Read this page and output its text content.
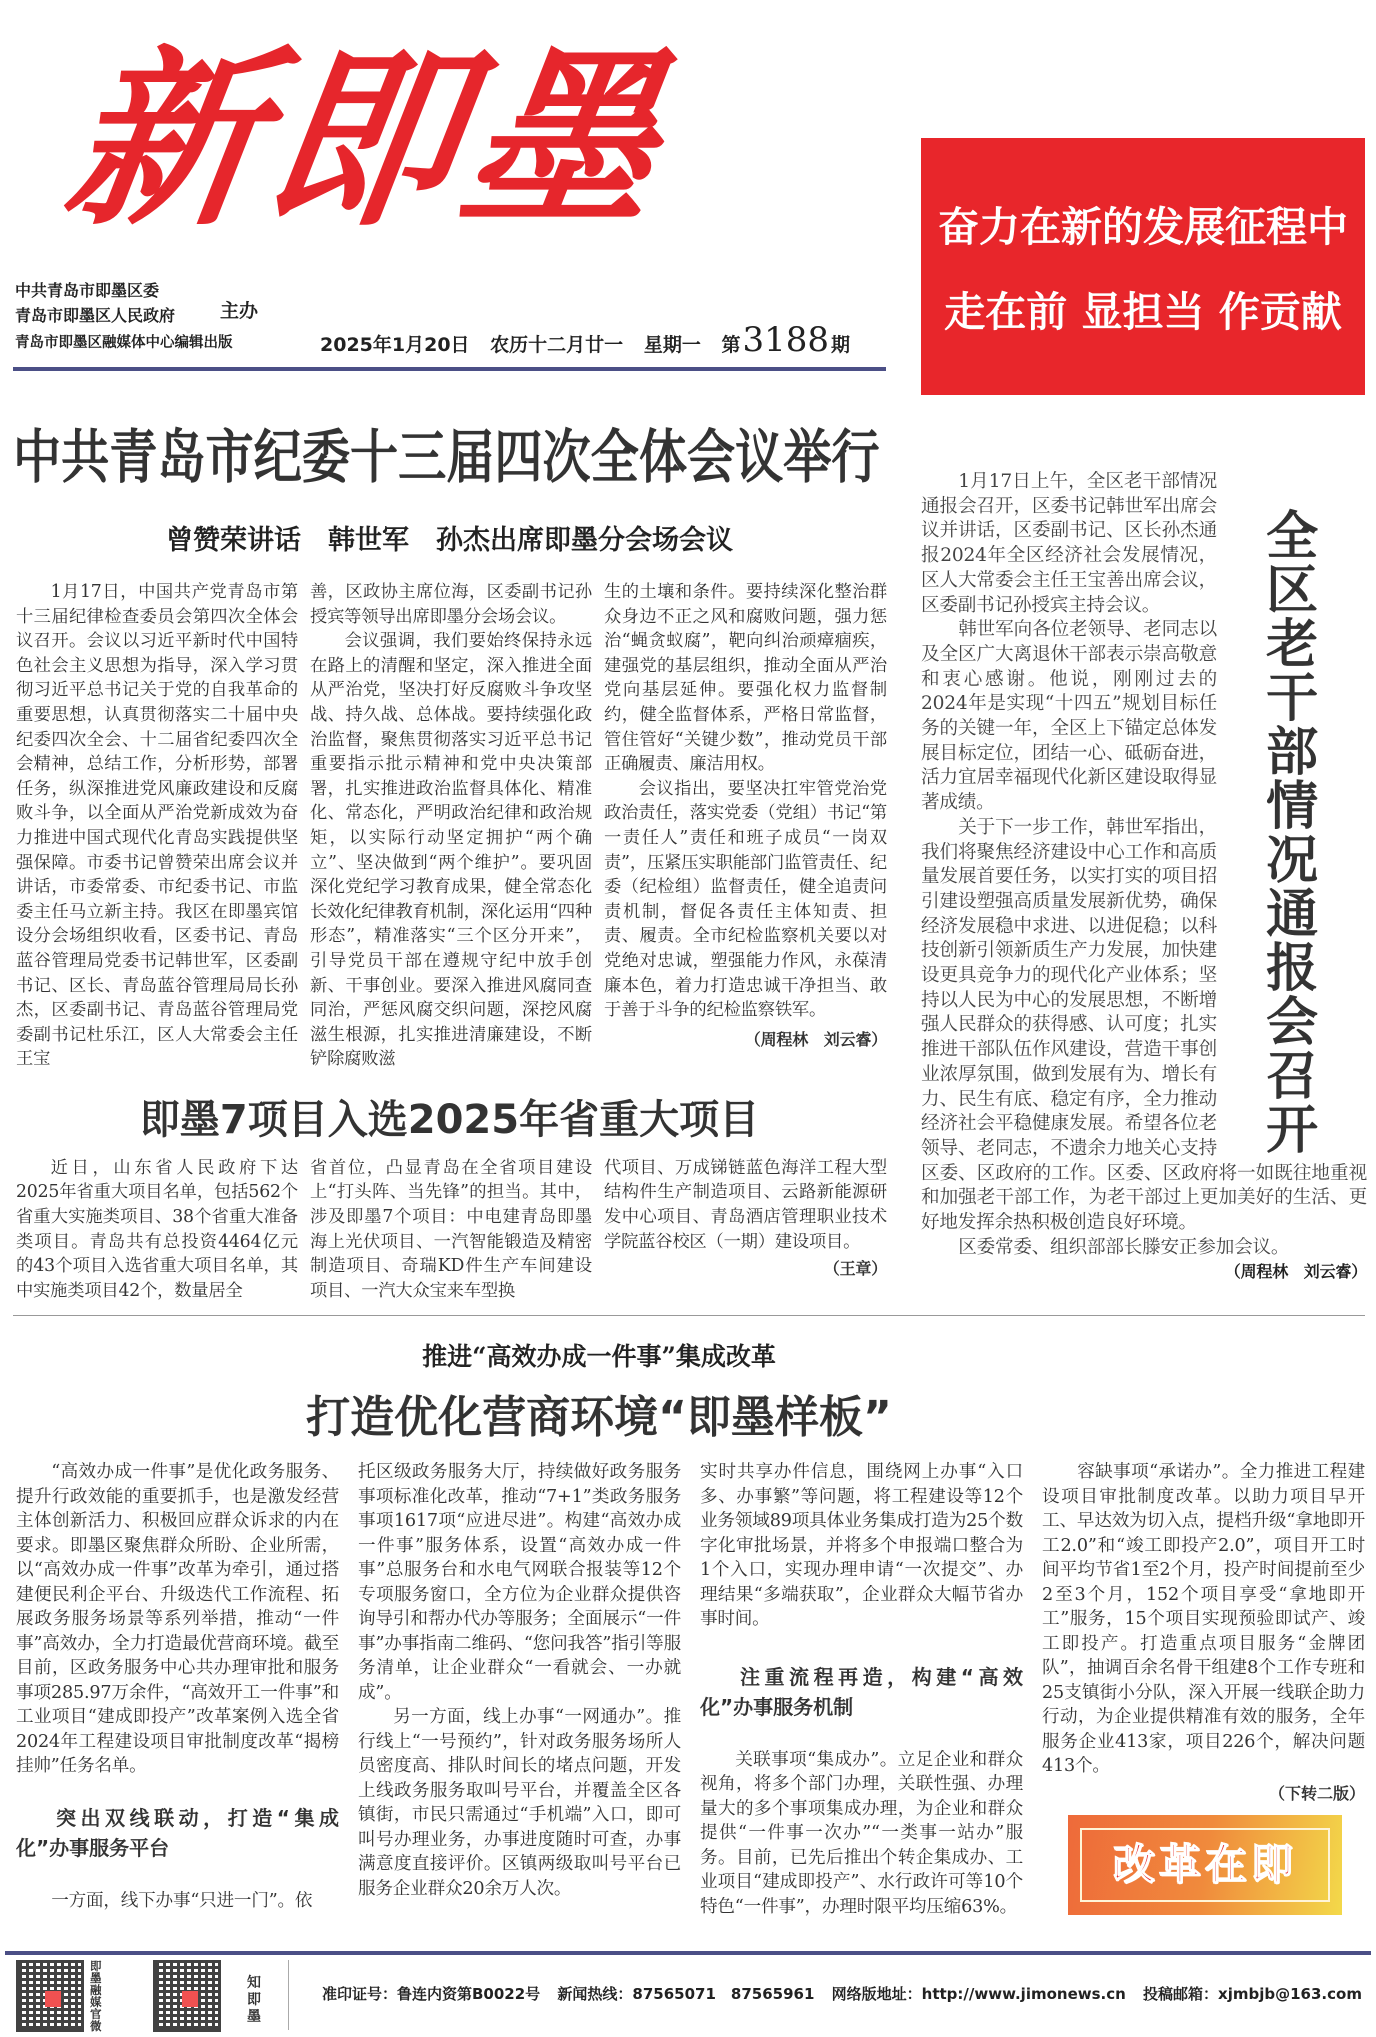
新即墨
中共青岛市即墨区委
青岛市即墨区人民政府
青岛市即墨区融媒体中心编辑出版
主办
2025年1月20日 农历十二月廿一 星期一 第3188 期
奋力在新的发展征程中
走在前 显担当 作贡献
中共青岛市纪委十三届四次全体会议举行
曾赞荣讲话　韩世军　孙杰出席即墨分会场会议

1月17日，中国共产党青岛市第十三届纪律检查委员会第四次全体会议召开。会议以习近平新时代中国特色社会主义思想为指导，深入学习贯彻习近平总书记关于党的自我革命的重要思想，认真贯彻落实二十届中央纪委四次全会、十二届省纪委四次全会精神，总结工作，分析形势，部署任务，纵深推进党风廉政建设和反腐败斗争，以全面从严治党新成效为奋力推进中国式现代化青岛实践提供坚强保障。市委书记曾赞荣出席会议并讲话，市委常委、市纪委书记、市监委主任马立新主持。我区在即墨宾馆设分会场组织收看，区委书记、青岛蓝谷管理局党委书记韩世军，区委副书记、区长、青岛蓝谷管理局局长孙杰，区委副书记、青岛蓝谷管理局党委副书记杜乐江，区人大常委会主任王宝

善，区政协主席位海，区委副书记孙授宾等领导出席即墨分会场会议。

会议强调，我们要始终保持永远在路上的清醒和坚定，深入推进全面从严治党，坚决打好反腐败斗争攻坚战、持久战、总体战。要持续强化政治监督，聚焦贯彻落实习近平总书记重要指示批示精神和党中央决策部署，扎实推进政治监督具体化、精准化、常态化，严明政治纪律和政治规矩，以实际行动坚定拥护“两个确立”、坚决做到“两个维护”。要巩固深化党纪学习教育成果，健全常态化长效化纪律教育机制，深化运用“四种形态”，精准落实“三个区分开来”，引导党员干部在遵规守纪中放手创新、干事创业。要深入推进风腐同查同治，严惩风腐交织问题，深挖风腐滋生根源，扎实推进清廉建设，不断铲除腐败滋

生的土壤和条件。要持续深化整治群众身边不正之风和腐败问题，强力惩治“蝇贪蚁腐”，靶向纠治顽瘴痼疾，建强党的基层组织，推动全面从严治党向基层延伸。要强化权力监督制约，健全监督体系，严格日常监督，管住管好“关键少数”，推动党员干部正确履责、廉洁用权。

会议指出，要坚决扛牢管党治党政治责任，落实党委（党组）书记“第一责任人”责任和班子成员“一岗双责”，压紧压实职能部门监管责任、纪委（纪检组）监督责任，健全追责问责机制，督促各责任主体知责、担责、履责。全市纪检监察机关要以对党绝对忠诚，塑强能力作风，永葆清廉本色，着力打造忠诚干净担当、敢于善于斗争的纪检监察铁军。

（周程林　刘云睿）
即墨7项目入选2025年省重大项目

近日，山东省人民政府下达2025年省重大项目名单，包括562个省重大实施类项目、38个省重大准备类项目。青岛共有总投资4464亿元的43个项目入选省重大项目名单，其中实施类项目42个，数量居全

省首位，凸显青岛在全省项目建设上“打头阵、当先锋”的担当。其中，涉及即墨7个项目：中电建青岛即墨海上光伏项目、一汽智能锻造及精密制造项目、奇瑞KD件生产车间建设项目、一汽大众宝来车型换

代项目、万成锑链蓝色海洋工程大型结构件生产制造项目、云路新能源研发中心项目、青岛酒店管理职业技术学院蓝谷校区（一期）建设项目。

（王章）
全
区
老
干
部
情
况
通
报
会
召
开

1月17日上午，全区老干部情况通报会召开，区委书记韩世军出席会议并讲话，区委副书记、区长孙杰通报2024年全区经济社会发展情况，区人大常委会主任王宝善出席会议，区委副书记孙授宾主持会议。

韩世军向各位老领导、老同志以及全区广大离退休干部表示崇高敬意和衷心感谢。他说，刚刚过去的2024年是实现“十四五”规划目标任务的关键一年，全区上下锚定总体发展目标定位，团结一心、砥砺奋进，活力宜居幸福现代化新区建设取得显著成绩。

关于下一步工作，韩世军指出，我们将聚焦经济建设中心工作和高质量发展首要任务，以实打实的项目招引建设塑强高质量发展新优势，确保经济发展稳中求进、以进促稳；以科技创新引领新质生产力发展，加快建设更具竞争力的现代化产业体系；坚持以人民为中心的发展思想，不断增强人民群众的获得感、认可度；扎实推进干部队伍作风建设，营造干事创业浓厚氛围，做到发展有为、增长有力、民生有底、稳定有序，全力推动经济社会平稳健康发展。希望各位老领导、老同志，不遗余力地关心支持区委、区政府的工作。区委、区政府将一如既往地重视和加强老干部工作，为老干部过上更加美好的生活、更好地发挥余热积极创造良好环境。

区委常委、组织部部长滕安正参加会议。

（周程林　刘云睿）
推进“高效办成一件事”集成改革
打造优化营商环境“即墨样板”

“高效办成一件事”是优化政务服务、提升行政效能的重要抓手，也是激发经营主体创新活力、积极回应群众诉求的内在要求。即墨区聚焦群众所盼、企业所需，以“高效办成一件事”改革为牵引，通过搭建便民利企平台、升级迭代工作流程、拓展政务服务场景等系列举措，推动“一件事”高效办，全力打造最优营商环境。截至目前，区政务服务中心共办理审批和服务事项285.97万余件，“高效开工一件事”和工业项目“建成即投产”改革案例入选全省2024年工程建设项目审批制度改革“揭榜挂帅”任务名单。

突出双线联动，打造“集成化”办事服务平台

一方面，线下办事“只进一门”。依

托区级政务服务大厅，持续做好政务服务事项标准化改革，推动“7+1”类政务服务事项1617项“应进尽进”。构建“高效办成一件事”服务体系，设置“高效办成一件事”总服务台和水电气网联合报装等12个专项服务窗口，全方位为企业群众提供咨询导引和帮办代办等服务；全面展示“一件事”办事指南二维码、“您问我答”指引等服务清单，让企业群众“一看就会、一办就成”。

另一方面，线上办事“一网通办”。推行线上“一号预约”，针对政务服务场所人员密度高、排队时间长的堵点问题，开发上线政务服务取叫号平台，并覆盖全区各镇街，市民只需通过“手机端”入口，即可叫号办理业务，办事进度随时可查，办事满意度直接评价。区镇两级取叫号平台已服务企业群众20余万人次。

实时共享办件信息，围绕网上办事“入口多、办事繁”等问题，将工程建设等12个业务领域89项具体业务集成打造为25个数字化审批场景，并将多个申报端口整合为1个入口，实现办理申请“一次提交”、办理结果“多端获取”，企业群众大幅节省办事时间。

注重流程再造，构建“高效化”办事服务机制

关联事项“集成办”。立足企业和群众视角，将多个部门办理，关联性强、办理量大的多个事项集成办理，为企业和群众提供“一件事一次办”“一类事一站办”服务。目前，已先后推出个转企集成办、工业项目“建成即投产”、水行政许可等10个特色“一件事”，办理时限平均压缩63%。

容缺事项“承诺办”。全力推进工程建设项目审批制度改革。以助力项目早开工、早达效为切入点，提档升级“拿地即开工2.0”和“竣工即投产2.0”，项目开工时间平均节省1至2个月，投产时间提前至少2至3个月，152个项目享受“拿地即开工”服务，15个项目实现预验即试产、竣工即投产。打造重点项目服务“金牌团队”，抽调百余名骨干组建8个工作专班和25支镇街小分队，深入开展一线联企助力行动，为企业提供精准有效的服务，全年服务企业413家，项目226个，解决问题413个。

（下转二版）
改革在即
即墨融媒官微
知即墨
准印证号：鲁连内资第B0022号 新闻热线：87565071　87565961 网络版地址：http://www.jimonews.cn 投稿邮箱：xjmbjb@163.com
